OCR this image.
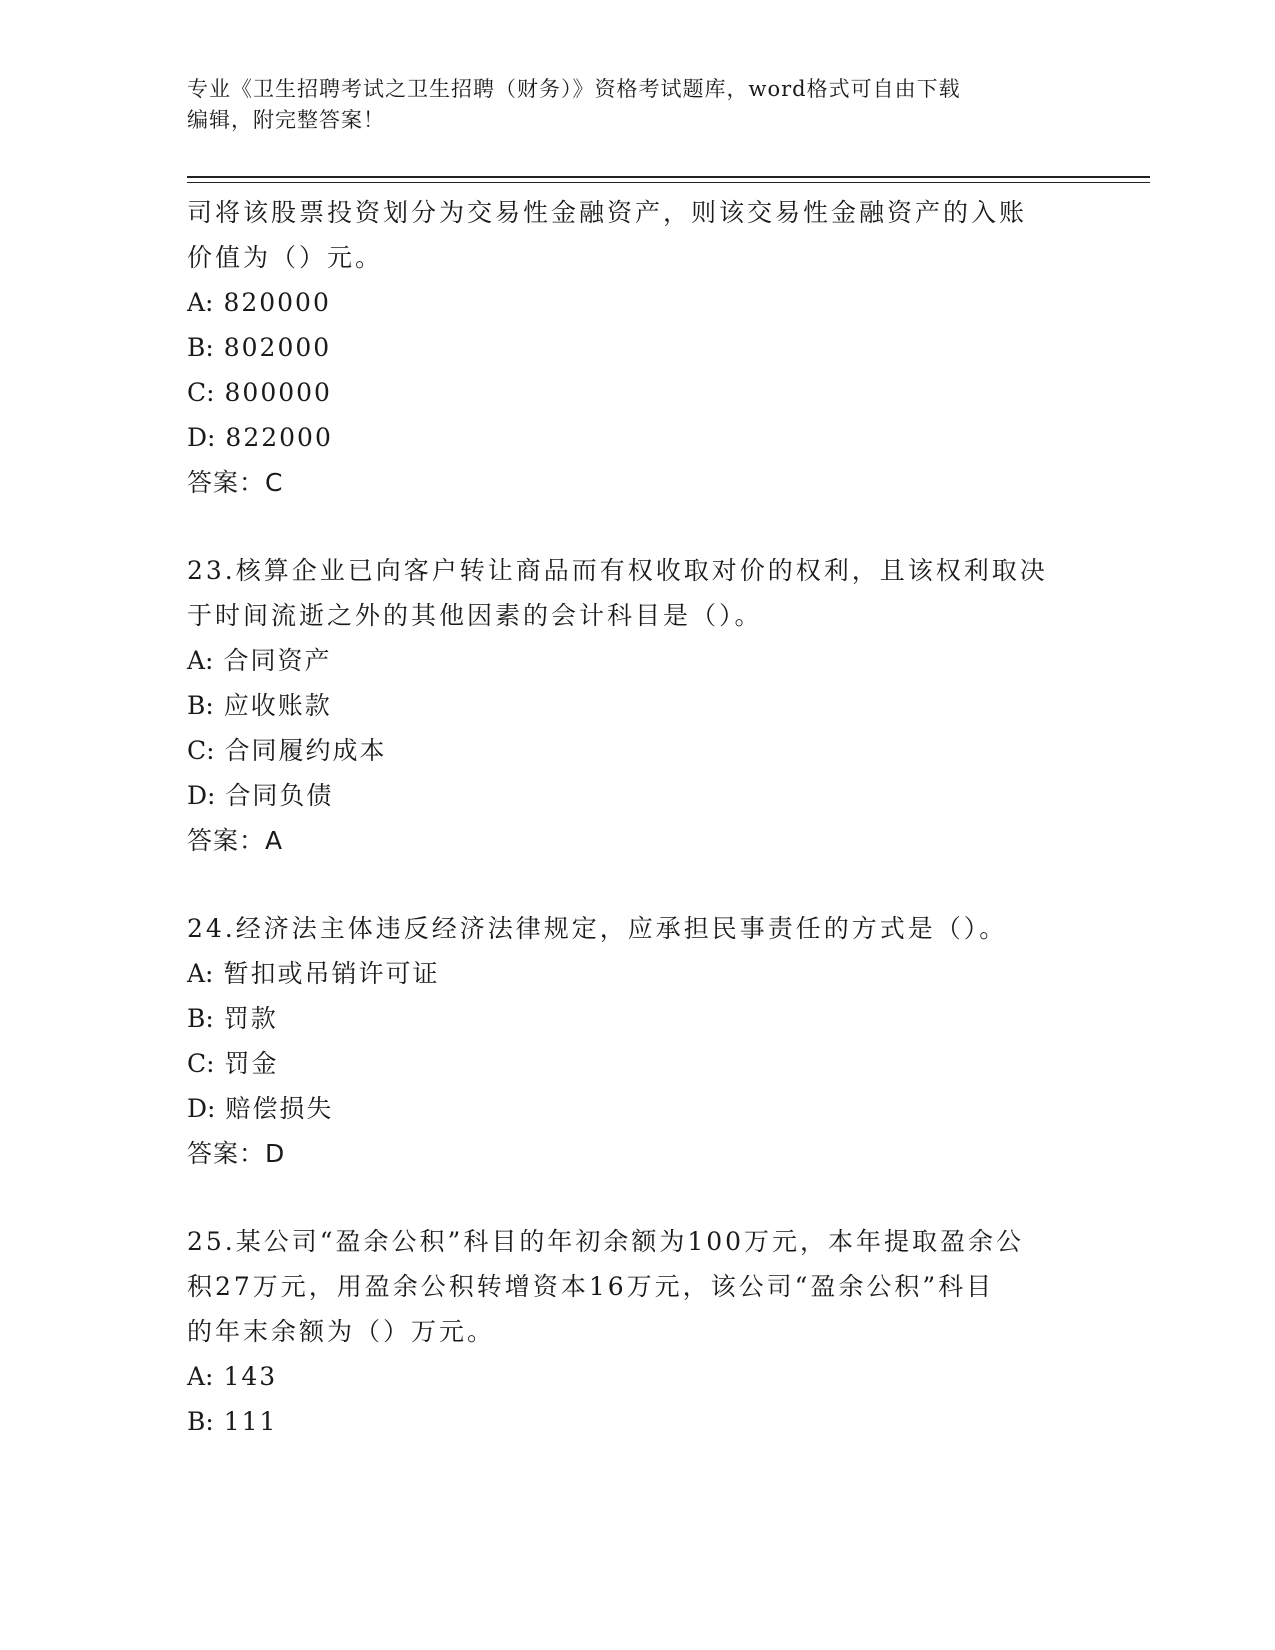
专业《卫生招聘考试之卫生招聘（财务）》资格考试题库，word格式可自由下载
编辑，附完整答案！

司将该股票投资划分为交易性金融资产，则该交易性金融资产的入账

价值为（）元。

A: 820000

B: 802000

C: 800000

D: 822000

答案：C

23.核算企业已向客户转让商品而有权收取对价的权利，且该权利取决

于时间流逝之外的其他因素的会计科目是（）。

A: 合同资产

B: 应收账款

C: 合同履约成本

D: 合同负债

答案：A

24.经济法主体违反经济法律规定，应承担民事责任的方式是（）。

A: 暂扣或吊销许可证

B: 罚款

C: 罚金

D: 赔偿损失

答案：D

25.某公司“盈余公积”科目的年初余额为100万元，本年提取盈余公

积27万元，用盈余公积转增资本16万元，该公司“盈余公积”科目

的年末余额为（）万元。

A: 143

B: 111
